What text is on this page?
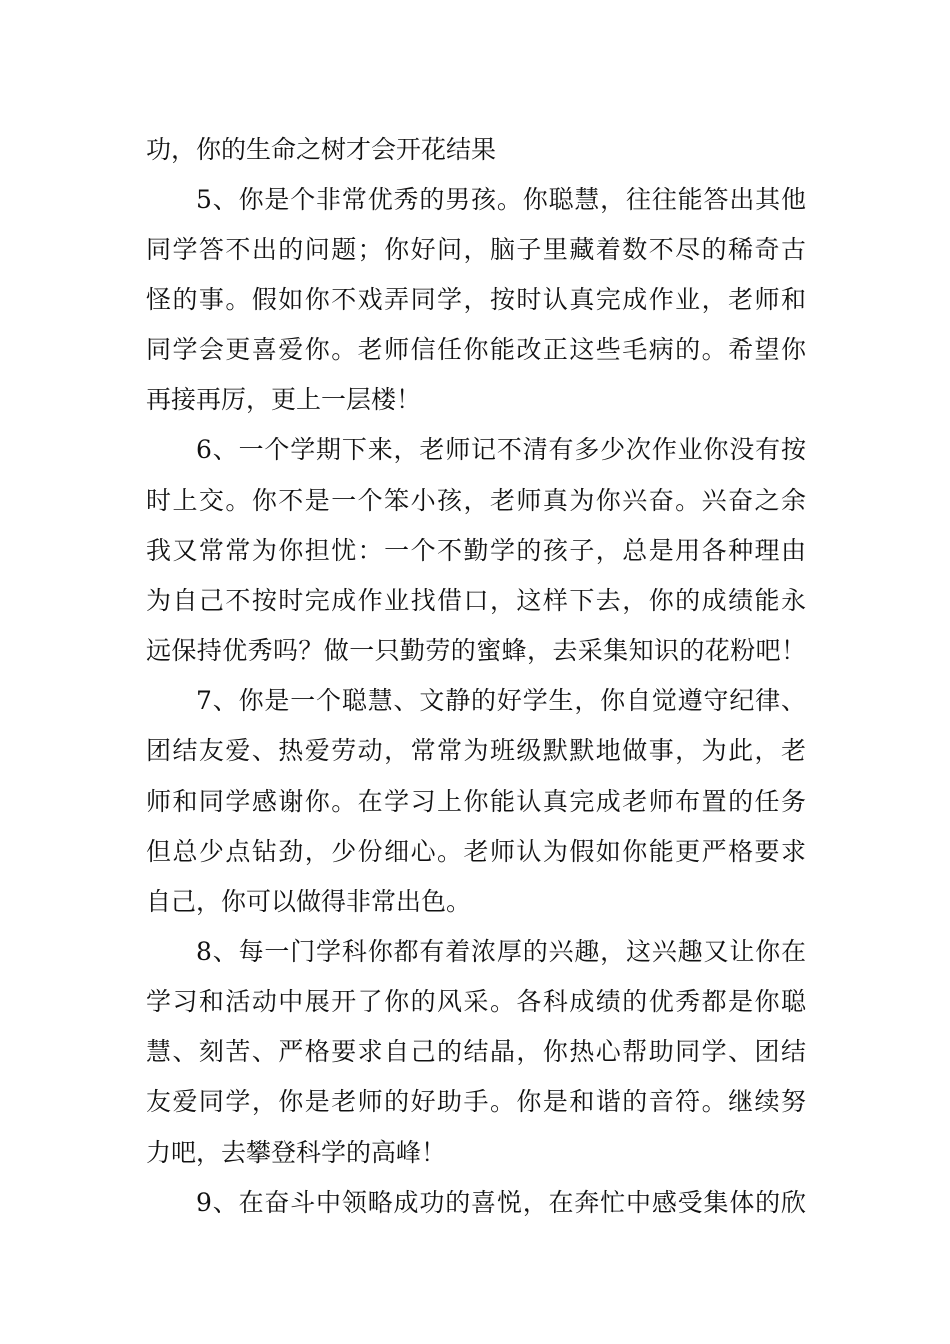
功，你的生命之树才会开花结果
5、你是个非常优秀的男孩。你聪慧，往往能答出其他
同学答不出的问题；你好问，脑子里藏着数不尽的稀奇古
怪的事。假如你不戏弄同学，按时认真完成作业，老师和
同学会更喜爱你。老师信任你能改正这些毛病的。希望你
再接再厉，更上一层楼！
6、一个学期下来，老师记不清有多少次作业你没有按
时上交。你不是一个笨小孩，老师真为你兴奋。兴奋之余
我又常常为你担忧：一个不勤学的孩子，总是用各种理由
为自己不按时完成作业找借口，这样下去，你的成绩能永
远保持优秀吗？做一只勤劳的蜜蜂，去采集知识的花粉吧！
7、你是一个聪慧、文静的好学生，你自觉遵守纪律、
团结友爱、热爱劳动，常常为班级默默地做事，为此，老
师和同学感谢你。在学习上你能认真完成老师布置的任务
但总少点钻劲，少份细心。老师认为假如你能更严格要求
自己，你可以做得非常出色。
8、每一门学科你都有着浓厚的兴趣，这兴趣又让你在
学习和活动中展开了你的风采。各科成绩的优秀都是你聪
慧、刻苦、严格要求自己的结晶，你热心帮助同学、团结
友爱同学，你是老师的好助手。你是和谐的音符。继续努
力吧，去攀登科学的高峰！
9、在奋斗中领略成功的喜悦，在奔忙中感受集体的欣
